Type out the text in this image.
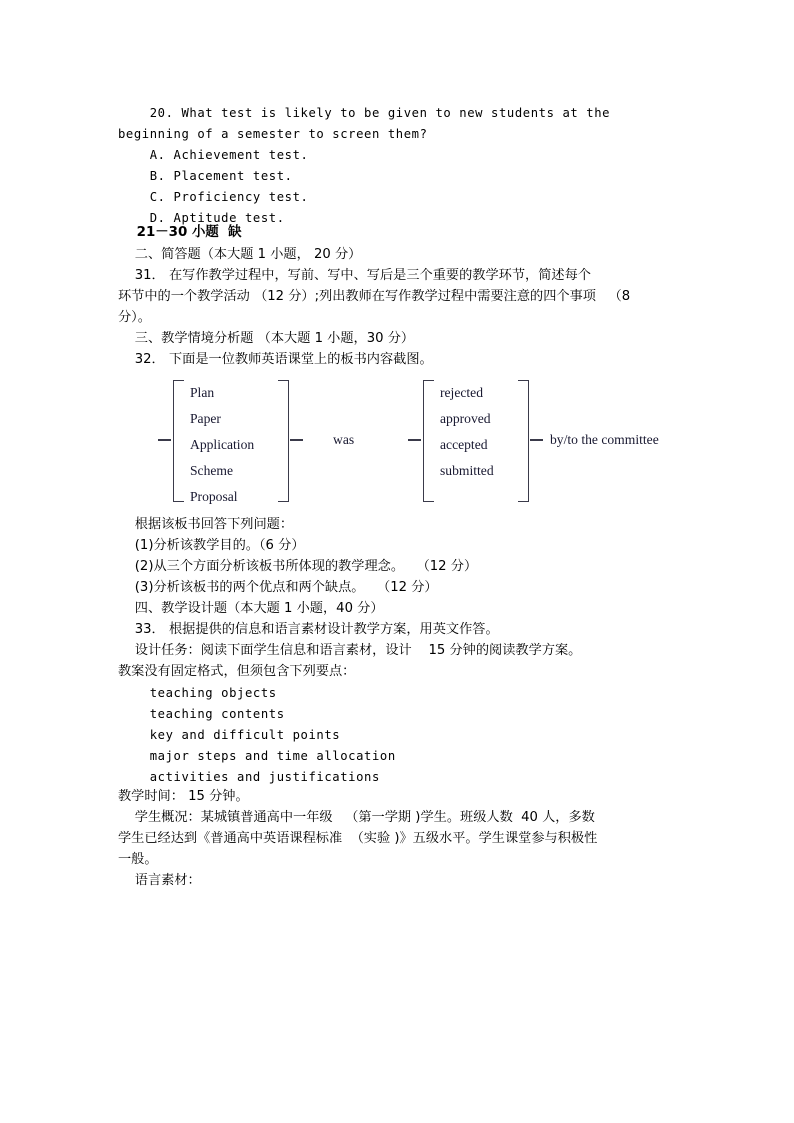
20. What test is likely to be given to new students at the
beginning of a semester to screen them?
A. Achievement test.
B. Placement test.
C. Proficiency test.
D. Aptitude test.
21－30 小题  缺
二、简答题（本大题 1 小题， 20 分）
31． 在写作教学过程中，写前、写中、写后是三个重要的教学环节，简述每个
环节中的一个教学活动 （12 分）;列出教师在写作教学过程中需要注意的四个事项   （8
分）。
三、教学情境分析题 （本大题 1 小题，30 分）
32． 下面是一位教师英语课堂上的板书内容截图。
Plan
Paper
Application
Scheme
Proposal
was
rejected
approved
accepted
submitted
by/to the committee
根据该板书回答下列问题：
(1)分析该教学目的。（6 分）
(2)从三个方面分析该板书所体现的教学理念。   （12 分）
(3)分析该板书的两个优点和两个缺点。   （12 分）
四、教学设计题（本大题 1 小题，40 分）
33． 根据提供的信息和语言素材设计教学方案，用英文作答。
设计任务：阅读下面学生信息和语言素材，设计    15 分钟的阅读教学方案。
教案没有固定格式，但须包含下列要点：
teaching objects
teaching contents
key and difficult points
major steps and time allocation
activities and justifications
教学时间： 15 分钟。
学生概况：某城镇普通高中一年级   （第一学期 )学生。班级人数  40 人，多数
学生已经达到《普通高中英语课程标准  （实验 )》五级水平。学生课堂参与积极性
一般。
语言素材：
